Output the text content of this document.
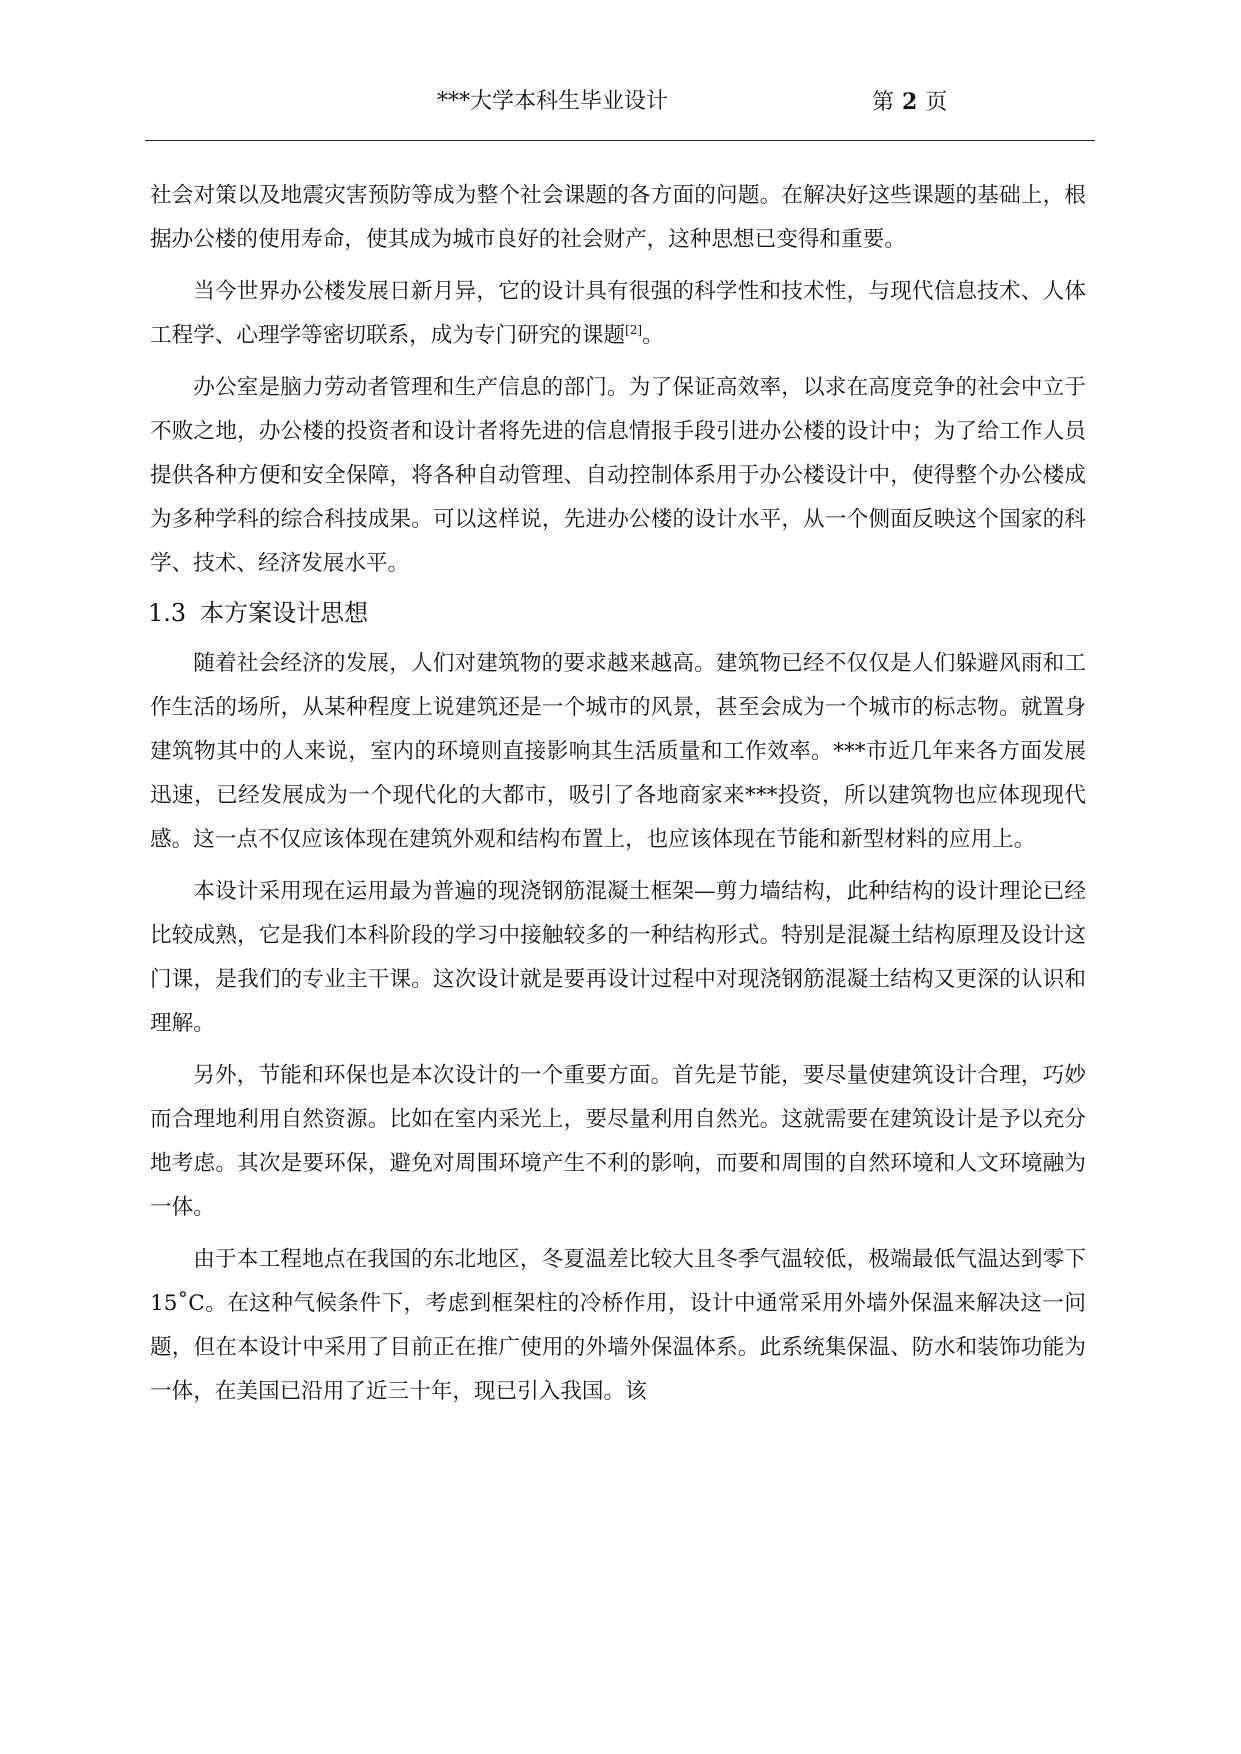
***大学本科生毕业设计	第 2 页

社会对策以及地震灾害预防等成为整个社会课题的各方面的问题。在解决好这些课题的基础上，根据办公楼的使用寿命，使其成为城市良好的社会财产，这种思想已变得和重要。

当今世界办公楼发展日新月异，它的设计具有很强的科学性和技术性，与现代信息技术、人体工程学、心理学等密切联系，成为专门研究的课题[2]。

办公室是脑力劳动者管理和生产信息的部门。为了保证高效率，以求在高度竞争的社会中立于不败之地，办公楼的投资者和设计者将先进的信息情报手段引进办公楼的设计中；为了给工作人员提供各种方便和安全保障，将各种自动管理、自动控制体系用于办公楼设计中，使得整个办公楼成为多种学科的综合科技成果。可以这样说，先进办公楼的设计水平，从一个侧面反映这个国家的科学、技术、经济发展水平。

1.3 本方案设计思想

随着社会经济的发展，人们对建筑物的要求越来越高。建筑物已经不仅仅是人们躲避风雨和工作生活的场所，从某种程度上说建筑还是一个城市的风景，甚至会成为一个城市的标志物。就置身建筑物其中的人来说，室内的环境则直接影响其生活质量和工作效率。***市近几年来各方面发展迅速，已经发展成为一个现代化的大都市，吸引了各地商家来***投资，所以建筑物也应体现现代感。这一点不仅应该体现在建筑外观和结构布置上，也应该体现在节能和新型材料的应用上。

本设计采用现在运用最为普遍的现浇钢筋混凝土框架—剪力墙结构，此种结构的设计理论已经比较成熟，它是我们本科阶段的学习中接触较多的一种结构形式。特别是混凝土结构原理及设计这门课，是我们的专业主干课。这次设计就是要再设计过程中对现浇钢筋混凝土结构又更深的认识和理解。

另外，节能和环保也是本次设计的一个重要方面。首先是节能，要尽量使建筑设计合理，巧妙而合理地利用自然资源。比如在室内采光上，要尽量利用自然光。这就需要在建筑设计是予以充分地考虑。其次是要环保，避免对周围环境产生不利的影响，而要和周围的自然环境和人文环境融为一体。

由于本工程地点在我国的东北地区，冬夏温差比较大且冬季气温较低，极端最低气温达到零下 15˚C。在这种气候条件下，考虑到框架柱的冷桥作用，设计中通常采用外墙外保温来解决这一问题，但在本设计中采用了目前正在推广使用的外墙外保温体系。此系统集保温、防水和装饰功能为一体，在美国已沿用了近三十年，现已引入我国。该
